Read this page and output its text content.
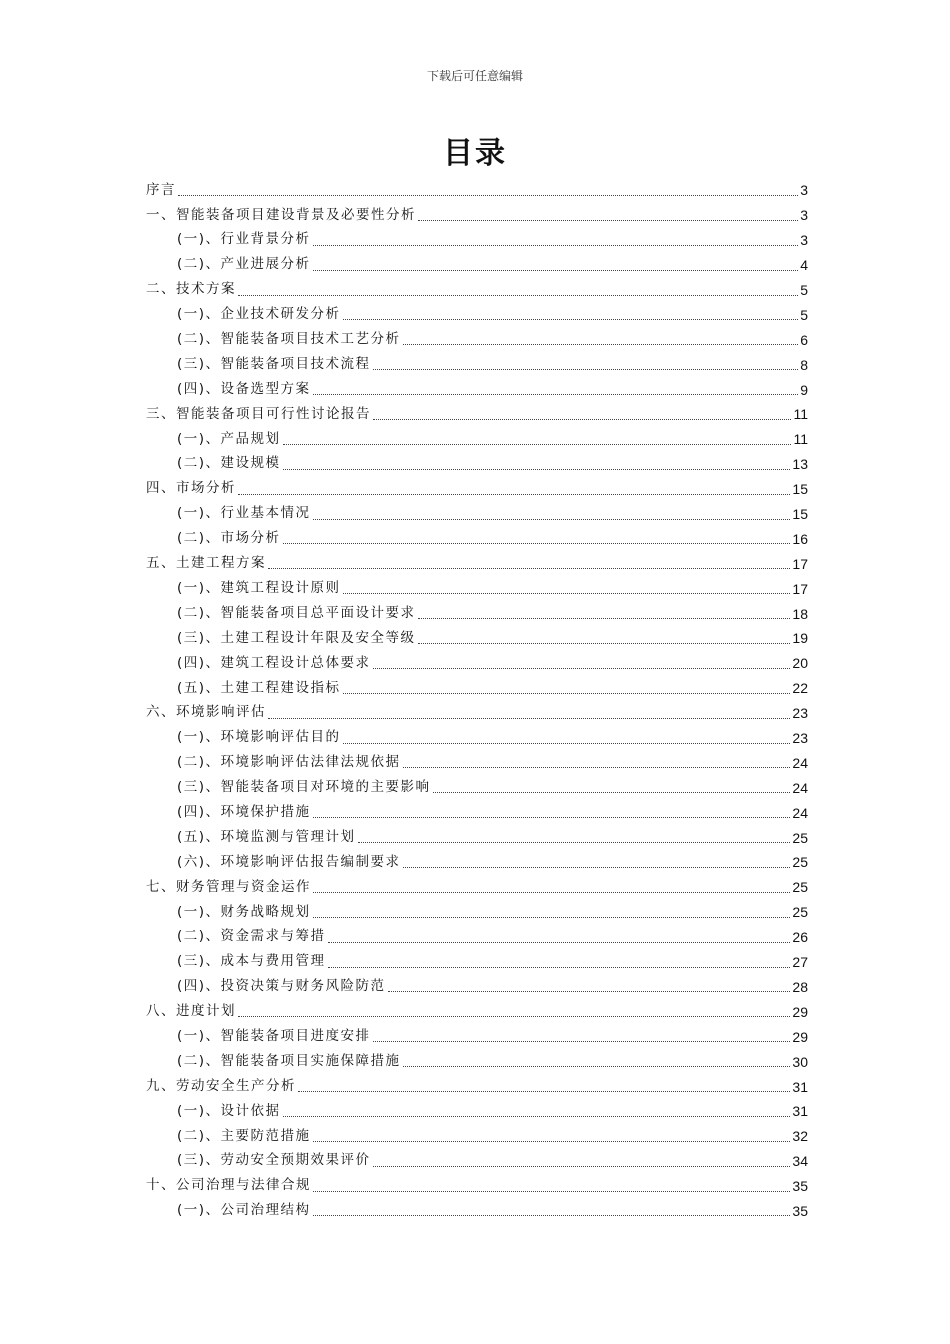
下载后可任意编辑
目录
序言	3
一、智能装备项目建设背景及必要性分析	3
(一)、行业背景分析	3
(二)、产业进展分析	4
二、技术方案	5
(一)、企业技术研发分析	5
(二)、智能装备项目技术工艺分析	6
(三)、智能装备项目技术流程	8
(四)、设备选型方案	9
三、智能装备项目可行性讨论报告	11
(一)、产品规划	11
(二)、建设规模	13
四、市场分析	15
(一)、行业基本情况	15
(二)、市场分析	16
五、土建工程方案	17
(一)、建筑工程设计原则	17
(二)、智能装备项目总平面设计要求	18
(三)、土建工程设计年限及安全等级	19
(四)、建筑工程设计总体要求	20
(五)、土建工程建设指标	22
六、环境影响评估	23
(一)、环境影响评估目的	23
(二)、环境影响评估法律法规依据	24
(三)、智能装备项目对环境的主要影响	24
(四)、环境保护措施	24
(五)、环境监测与管理计划	25
(六)、环境影响评估报告编制要求	25
七、财务管理与资金运作	25
(一)、财务战略规划	25
(二)、资金需求与筹措	26
(三)、成本与费用管理	27
(四)、投资决策与财务风险防范	28
八、进度计划	29
(一)、智能装备项目进度安排	29
(二)、智能装备项目实施保障措施	30
九、劳动安全生产分析	31
(一)、设计依据	31
(二)、主要防范措施	32
(三)、劳动安全预期效果评价	34
十、公司治理与法律合规	35
(一)、公司治理结构	35
